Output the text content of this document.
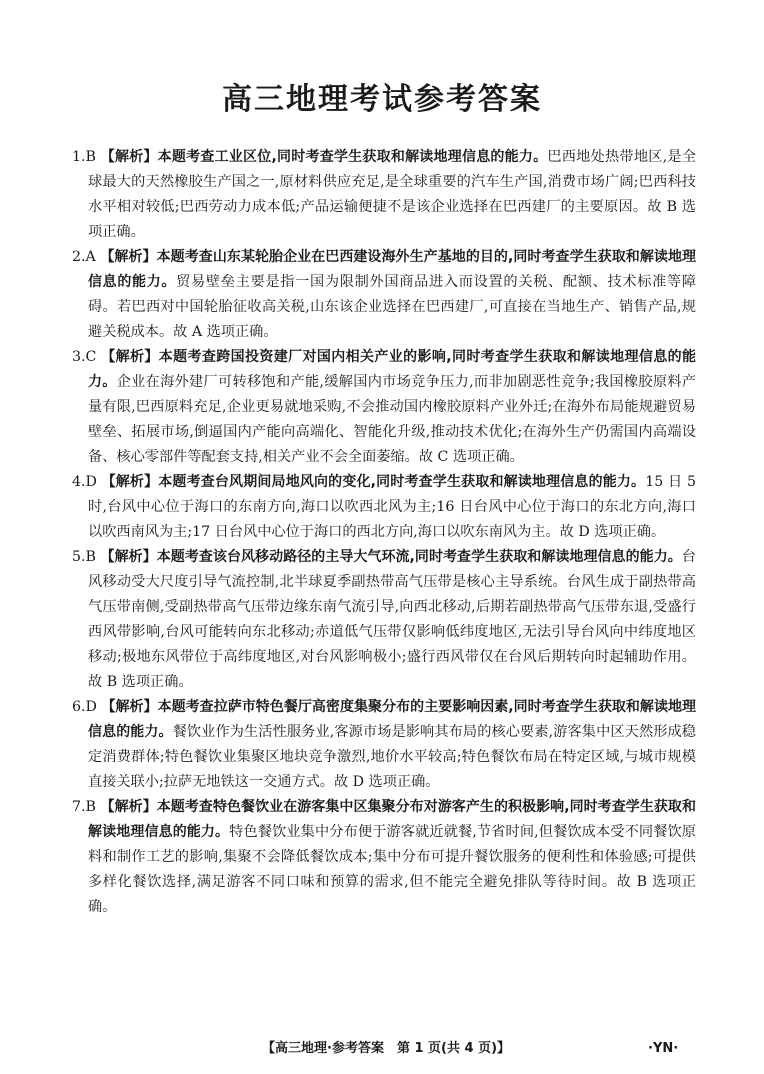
高三地理考试参考答案

1.B 【解析】本题考查工业区位,同时考查学生获取和解读地理信息的能力。巴西地处热带地区,是全球最大的天然橡胶生产国之一,原材料供应充足,是全球重要的汽车生产国,消费市场广阔;巴西科技水平相对较低;巴西劳动力成本低;产品运输便捷不是该企业选择在巴西建厂的主要原因。故 B 选项正确。

2.A 【解析】本题考查山东某轮胎企业在巴西建设海外生产基地的目的,同时考查学生获取和解读地理信息的能力。贸易壁垒主要是指一国为限制外国商品进入而设置的关税、配额、技术标准等障碍。若巴西对中国轮胎征收高关税,山东该企业选择在巴西建厂,可直接在当地生产、销售产品,规避关税成本。故 A 选项正确。

3.C 【解析】本题考查跨国投资建厂对国内相关产业的影响,同时考查学生获取和解读地理信息的能力。企业在海外建厂可转移饱和产能,缓解国内市场竞争压力,而非加剧恶性竞争;我国橡胶原料产量有限,巴西原料充足,企业更易就地采购,不会推动国内橡胶原料产业外迁;在海外布局能规避贸易壁垒、拓展市场,倒逼国内产能向高端化、智能化升级,推动技术优化;在海外生产仍需国内高端设备、核心零部件等配套支持,相关产业不会全面萎缩。故 C 选项正确。

4.D 【解析】本题考查台风期间局地风向的变化,同时考查学生获取和解读地理信息的能力。15 日 5 时,台风中心位于海口的东南方向,海口以吹西北风为主;16 日台风中心位于海口的东北方向,海口以吹西南风为主;17 日台风中心位于海口的西北方向,海口以吹东南风为主。故 D 选项正确。

5.B 【解析】本题考查该台风移动路径的主导大气环流,同时考查学生获取和解读地理信息的能力。台风移动受大尺度引导气流控制,北半球夏季副热带高气压带是核心主导系统。台风生成于副热带高气压带南侧,受副热带高气压带边缘东南气流引导,向西北移动,后期若副热带高气压带东退,受盛行西风带影响,台风可能转向东北移动;赤道低气压带仅影响低纬度地区,无法引导台风向中纬度地区移动;极地东风带位于高纬度地区,对台风影响极小;盛行西风带仅在台风后期转向时起辅助作用。故 B 选项正确。

6.D 【解析】本题考查拉萨市特色餐厅高密度集聚分布的主要影响因素,同时考查学生获取和解读地理信息的能力。餐饮业作为生活性服务业,客源市场是影响其布局的核心要素,游客集中区天然形成稳定消费群体;特色餐饮业集聚区地块竞争激烈,地价水平较高;特色餐饮布局在特定区域,与城市规模直接关联小;拉萨无地铁这一交通方式。故 D 选项正确。

7.B 【解析】本题考查特色餐饮业在游客集中区集聚分布对游客产生的积极影响,同时考查学生获取和解读地理信息的能力。特色餐饮业集中分布便于游客就近就餐,节省时间,但餐饮成本受不同餐饮原料和制作工艺的影响,集聚不会降低餐饮成本;集中分布可提升餐饮服务的便利性和体验感;可提供多样化餐饮选择,满足游客不同口味和预算的需求,但不能完全避免排队等待时间。故 B 选项正确。

【高三地理·参考答案　第 1 页(共 4 页)】	·YN·
